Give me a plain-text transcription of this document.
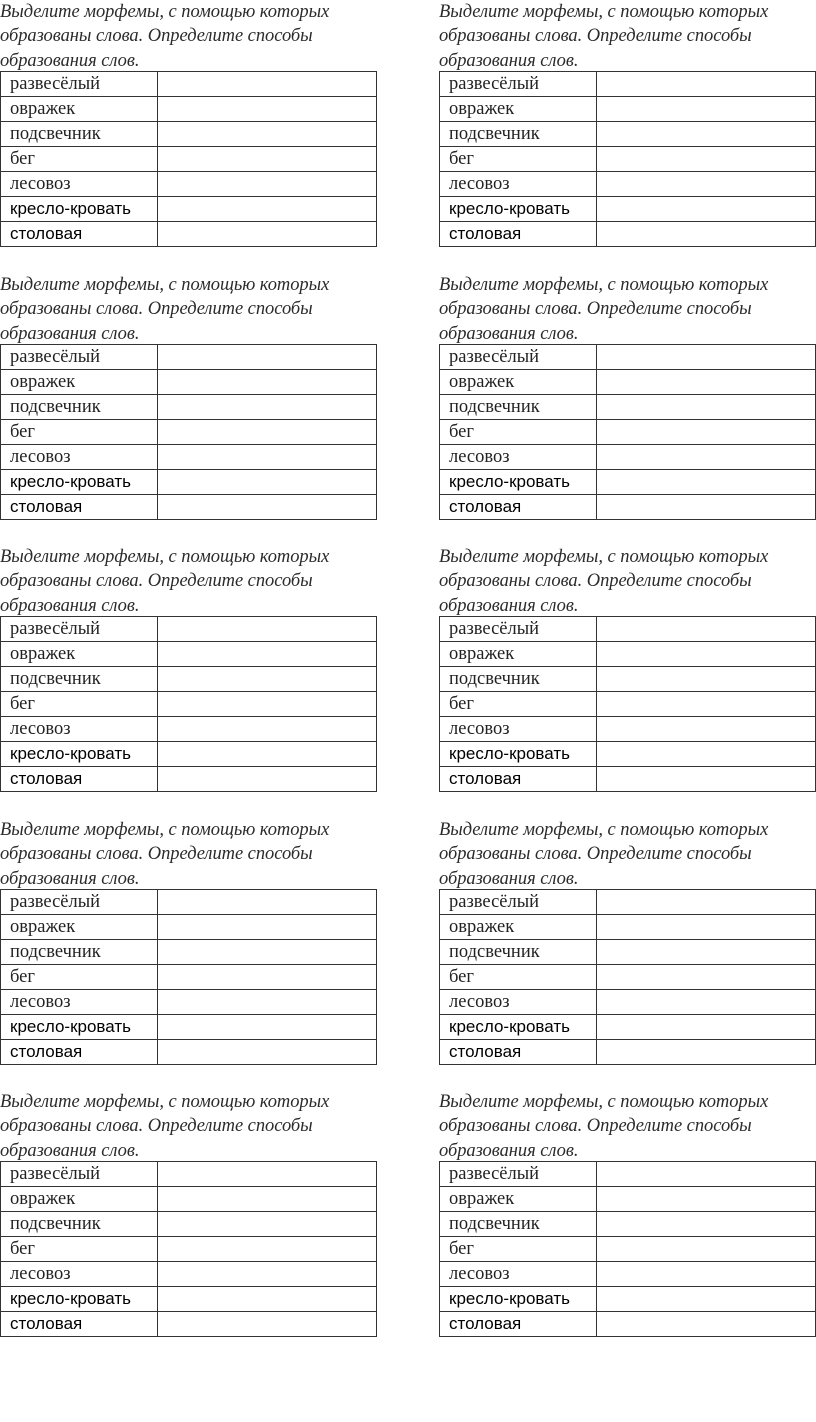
Выделите морфемы, с помощью которых
образованы слова. Определите способы
образования слов.

развесёлый	
овражек	
подсвечник	
бег	
лесовоз	
кресло-кровать	
столовая	

Выделите морфемы, с помощью которых
образованы слова. Определите способы
образования слов.

развесёлый	
овражек	
подсвечник	
бег	
лесовоз	
кресло-кровать	
столовая	

Выделите морфемы, с помощью которых
образованы слова. Определите способы
образования слов.

развесёлый	
овражек	
подсвечник	
бег	
лесовоз	
кресло-кровать	
столовая	

Выделите морфемы, с помощью которых
образованы слова. Определите способы
образования слов.

развесёлый	
овражек	
подсвечник	
бег	
лесовоз	
кресло-кровать	
столовая	

Выделите морфемы, с помощью которых
образованы слова. Определите способы
образования слов.

развесёлый	
овражек	
подсвечник	
бег	
лесовоз	
кресло-кровать	
столовая	

Выделите морфемы, с помощью которых
образованы слова. Определите способы
образования слов.

развесёлый	
овражек	
подсвечник	
бег	
лесовоз	
кресло-кровать	
столовая	

Выделите морфемы, с помощью которых
образованы слова. Определите способы
образования слов.

развесёлый	
овражек	
подсвечник	
бег	
лесовоз	
кресло-кровать	
столовая	

Выделите морфемы, с помощью которых
образованы слова. Определите способы
образования слов.

развесёлый	
овражек	
подсвечник	
бег	
лесовоз	
кресло-кровать	
столовая	

Выделите морфемы, с помощью которых
образованы слова. Определите способы
образования слов.

развесёлый	
овражек	
подсвечник	
бег	
лесовоз	
кресло-кровать	
столовая	

Выделите морфемы, с помощью которых
образованы слова. Определите способы
образования слов.

развесёлый	
овражек	
подсвечник	
бег	
лесовоз	
кресло-кровать	
столовая	
